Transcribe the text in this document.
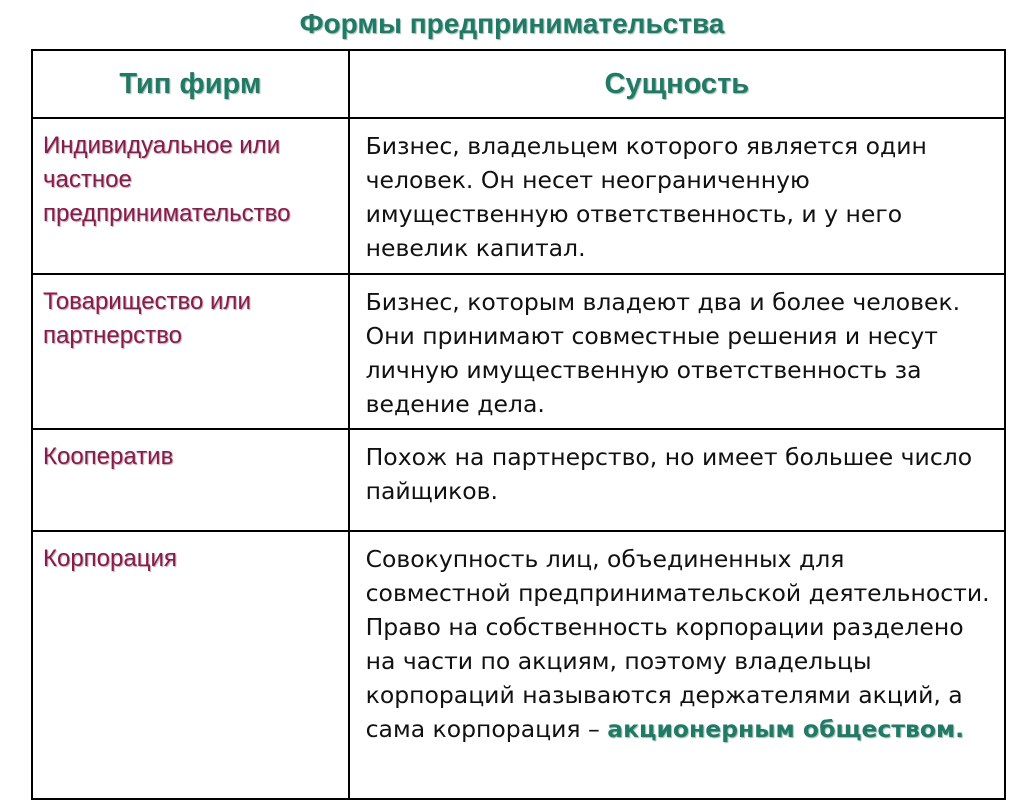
Формы предпринимательства
Тип фирм	Сущность
Индивидуальное или частное предпринимательство	Бизнес, владельцем которого является один человек. Он несет неограниченную имущественную ответственность, и у него невелик капитал.
Товарищество или партнерство	Бизнес, которым владеют два и более человек. Они принимают совместные решения и несут личную имущественную ответственность за ведение дела.
Кооператив	Похож на партнерство, но имеет большее число пайщиков.
Корпорация	Совокупность лиц, объединенных для совместной предпринимательской деятельности. Право на собственность корпорации разделено на части по акциям, поэтому владельцы корпораций называются держателями акций, а сама корпорация – акционерным обществом.
